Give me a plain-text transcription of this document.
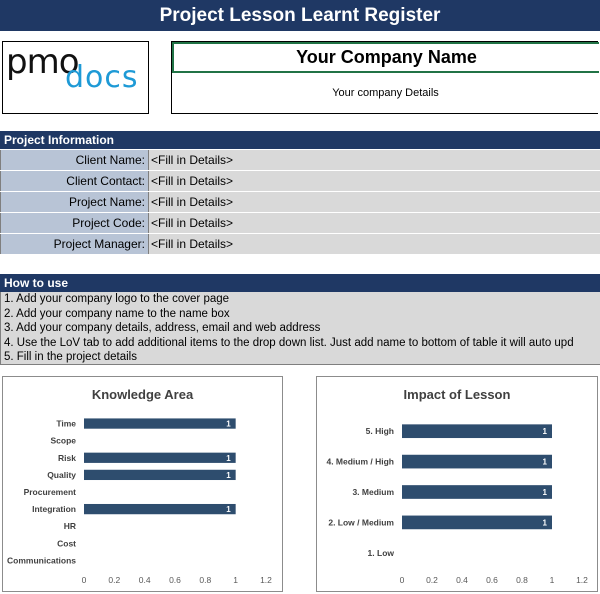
Project Lesson Learnt Register
pmo
docs
Your Company Name
Your company Details
Project Information
Client Name: <Fill in Details>
Client Contact: <Fill in Details>
Project Name: <Fill in Details>
Project Code: <Fill in Details>
Project Manager: <Fill in Details>
How to use
1. Add your company logo to the cover page
2. Add your company name to the name box
3. Add your company details, address, email and web address
4. Use the LoV tab to add additional items to the drop down list. Just add name to bottom of table it will auto upd
5. Fill in the project details
Knowledge Area
Time	1
Scope
Risk	1
Quality	1
Procurement
Integration	1
HR
Cost
Communications
0	0.2 0.4 0.6 0.8	1	1.2
Impact of Lesson
5. High	1
4. Medium / High	1
3. Medium	1
2. Low / Medium	1
1. Low
0	0.2 0.4 0.6 0.8	1	1.2
